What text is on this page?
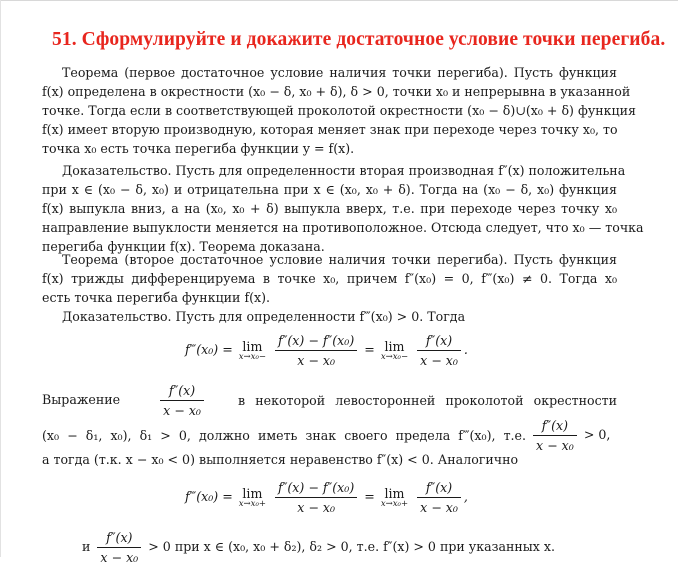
51. Сформулируйте и докажите достаточное условие точки перегиба.
Теорема (первое достаточное условие наличия точки перегиба). Пусть функция
f(x) определена в окрестности (x₀ − δ, x₀ + δ), δ > 0, точки x₀ и непрерывна в указанной
точке. Тогда если в соответствующей проколотой окрестности (x₀ − δ)∪(x₀ + δ) функция
f(x) имеет вторую производную, которая меняет знак при переходе через точку x₀, то
точка x₀ есть точка перегиба функции y = f(x).
Доказательство. Пусть для определенности вторая производная f″(x) положительна
при x ∈ (x₀ − δ, x₀) и отрицательна при x ∈ (x₀, x₀ + δ). Тогда на (x₀ − δ, x₀) функция
f(x) выпукла вниз, а на (x₀, x₀ + δ) выпукла вверх, т.е. при переходе через точку x₀
направление выпуклости меняется на противоположное. Отсюда следует, что x₀ — точка
перегиба функции f(x). Теорема доказана.
Теорема (второе достаточное условие наличия точки перегиба). Пусть функция
f(x) трижды дифференцируема в точке x₀, причем f″(x₀) = 0, f‴(x₀) ≠ 0. Тогда x₀
есть точка перегиба функции f(x).
Доказательство. Пусть для определенности f‴(x₀) > 0. Тогда
f‴(x₀) = lim
x→x₀−
$\frac{\text{f″(x) − f″(x₀)}}{\text{x − x₀}} = \lim$
x→x₀−
$\frac{f''(x)}{\text{x − x₀}}$ .
Выражение	$\frac{f''(x)}{\text{x − x₀}}$	в некоторой левосторонней проколотой окрестности
(x₀ − δ₁, x₀), δ₁ > 0, должно иметь знак своего предела f‴(x₀), т.е. $\frac{f''(x)}{\text{x − x₀}} > 0$,
а тогда (т.к. x − x₀ < 0) выполняется неравенство f″(x) < 0. Аналогично
f‴(x₀) = lim
x→x₀+
$\frac{\text{f″(x) − f″(x₀)}}{\text{x − x₀}} = \lim$
x→x₀+
$\frac{f''(x)}{\text{x − x₀}}$ ,
и $\frac{f''(x)}{\text{x − x₀}} > 0$ при x ∈ (x₀, x₀ + δ₂), δ₂ > 0, т.е. f″(x) > 0 при указанных x.
